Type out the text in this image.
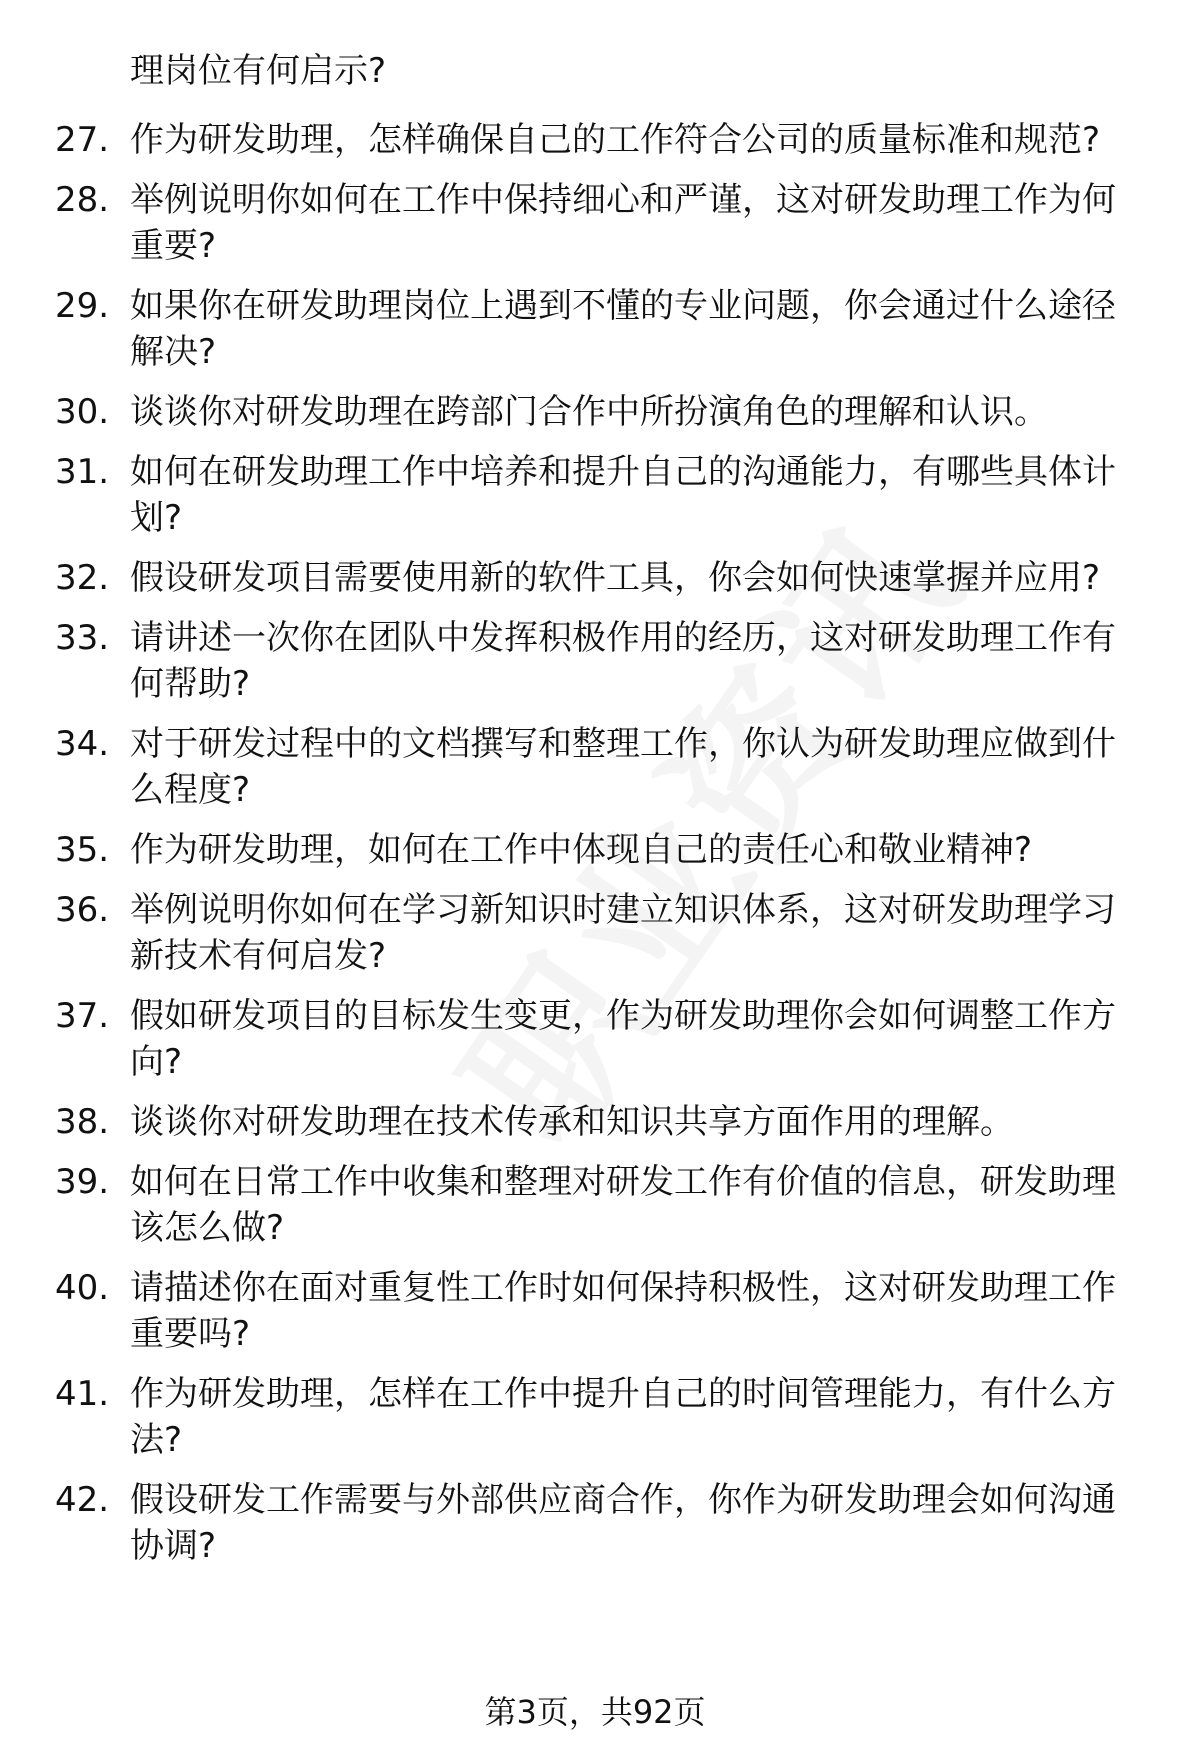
理岗位有何启示?

27. 作为研发助理，怎样确保自己的工作符合公司的质量标准和规范?
28. 举例说明你如何在工作中保持细心和严谨，这对研发助理工作为何重要?
29. 如果你在研发助理岗位上遇到不懂的专业问题，你会通过什么途径解决?
30. 谈谈你对研发助理在跨部门合作中所扮演角色的理解和认识。
31. 如何在研发助理工作中培养和提升自己的沟通能力，有哪些具体计划?
32. 假设研发项目需要使用新的软件工具，你会如何快速掌握并应用?
33. 请讲述一次你在团队中发挥积极作用的经历，这对研发助理工作有何帮助?
34. 对于研发过程中的文档撰写和整理工作，你认为研发助理应做到什么程度?
35. 作为研发助理，如何在工作中体现自己的责任心和敬业精神?
36. 举例说明你如何在学习新知识时建立知识体系，这对研发助理学习新技术有何启发?
37. 假如研发项目的目标发生变更，作为研发助理你会如何调整工作方向?
38. 谈谈你对研发助理在技术传承和知识共享方面作用的理解。
39. 如何在日常工作中收集和整理对研发工作有价值的信息，研发助理该怎么做?
40. 请描述你在面对重复性工作时如何保持积极性，这对研发助理工作重要吗?
41. 作为研发助理，怎样在工作中提升自己的时间管理能力，有什么方法?
42. 假设研发工作需要与外部供应商合作，你作为研发助理会如何沟通协调?
第3页，共92页
